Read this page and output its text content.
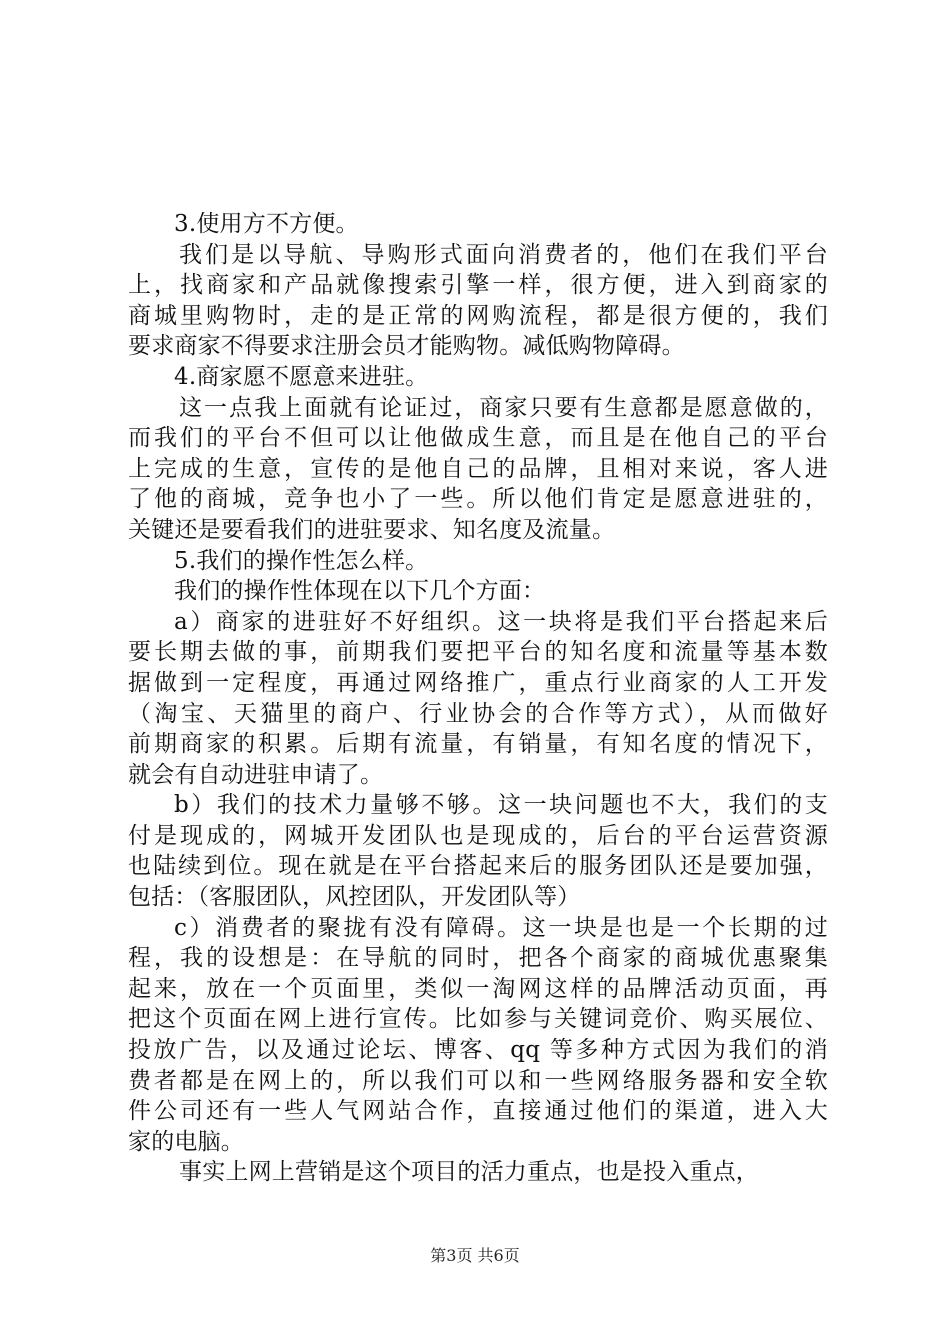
3.使用方不方便。
我们是以导航、导购形式面向消费者的，他们在我们平台
上，找商家和产品就像搜索引擎一样，很方便，进入到商家的
商城里购物时，走的是正常的网购流程，都是很方便的，我们
要求商家不得要求注册会员才能购物。减低购物障碍。
4.商家愿不愿意来进驻。
这一点我上面就有论证过，商家只要有生意都是愿意做的，
而我们的平台不但可以让他做成生意，而且是在他自己的平台
上完成的生意，宣传的是他自己的品牌，且相对来说，客人进
了他的商城，竞争也小了一些。所以他们肯定是愿意进驻的，
关键还是要看我们的进驻要求、知名度及流量。
5.我们的操作性怎么样。
我们的操作性体现在以下几个方面：
a）商家的进驻好不好组织。这一块将是我们平台搭起来后
要长期去做的事，前期我们要把平台的知名度和流量等基本数
据做到一定程度，再通过网络推广，重点行业商家的人工开发
（淘宝、天猫里的商户、行业协会的合作等方式），从而做好
前期商家的积累。后期有流量，有销量，有知名度的情况下，
就会有自动进驻申请了。
b）我们的技术力量够不够。这一块问题也不大，我们的支
付是现成的，网城开发团队也是现成的，后台的平台运营资源
也陆续到位。现在就是在平台搭起来后的服务团队还是要加强，
包括：（客服团队，风控团队，开发团队等）
c）消费者的聚拢有没有障碍。这一块是也是一个长期的过
程，我的设想是：在导航的同时，把各个商家的商城优惠聚集
起来，放在一个页面里，类似一淘网这样的品牌活动页面，再
把这个页面在网上进行宣传。比如参与关键词竞价、购买展位、
投放广告，以及通过论坛、博客、qq 等多种方式因为我们的消
费者都是在网上的，所以我们可以和一些网络服务器和安全软
件公司还有一些人气网站合作，直接通过他们的渠道，进入大
家的电脑。
事实上网上营销是这个项目的活力重点，也是投入重点，
第3页 共6页
